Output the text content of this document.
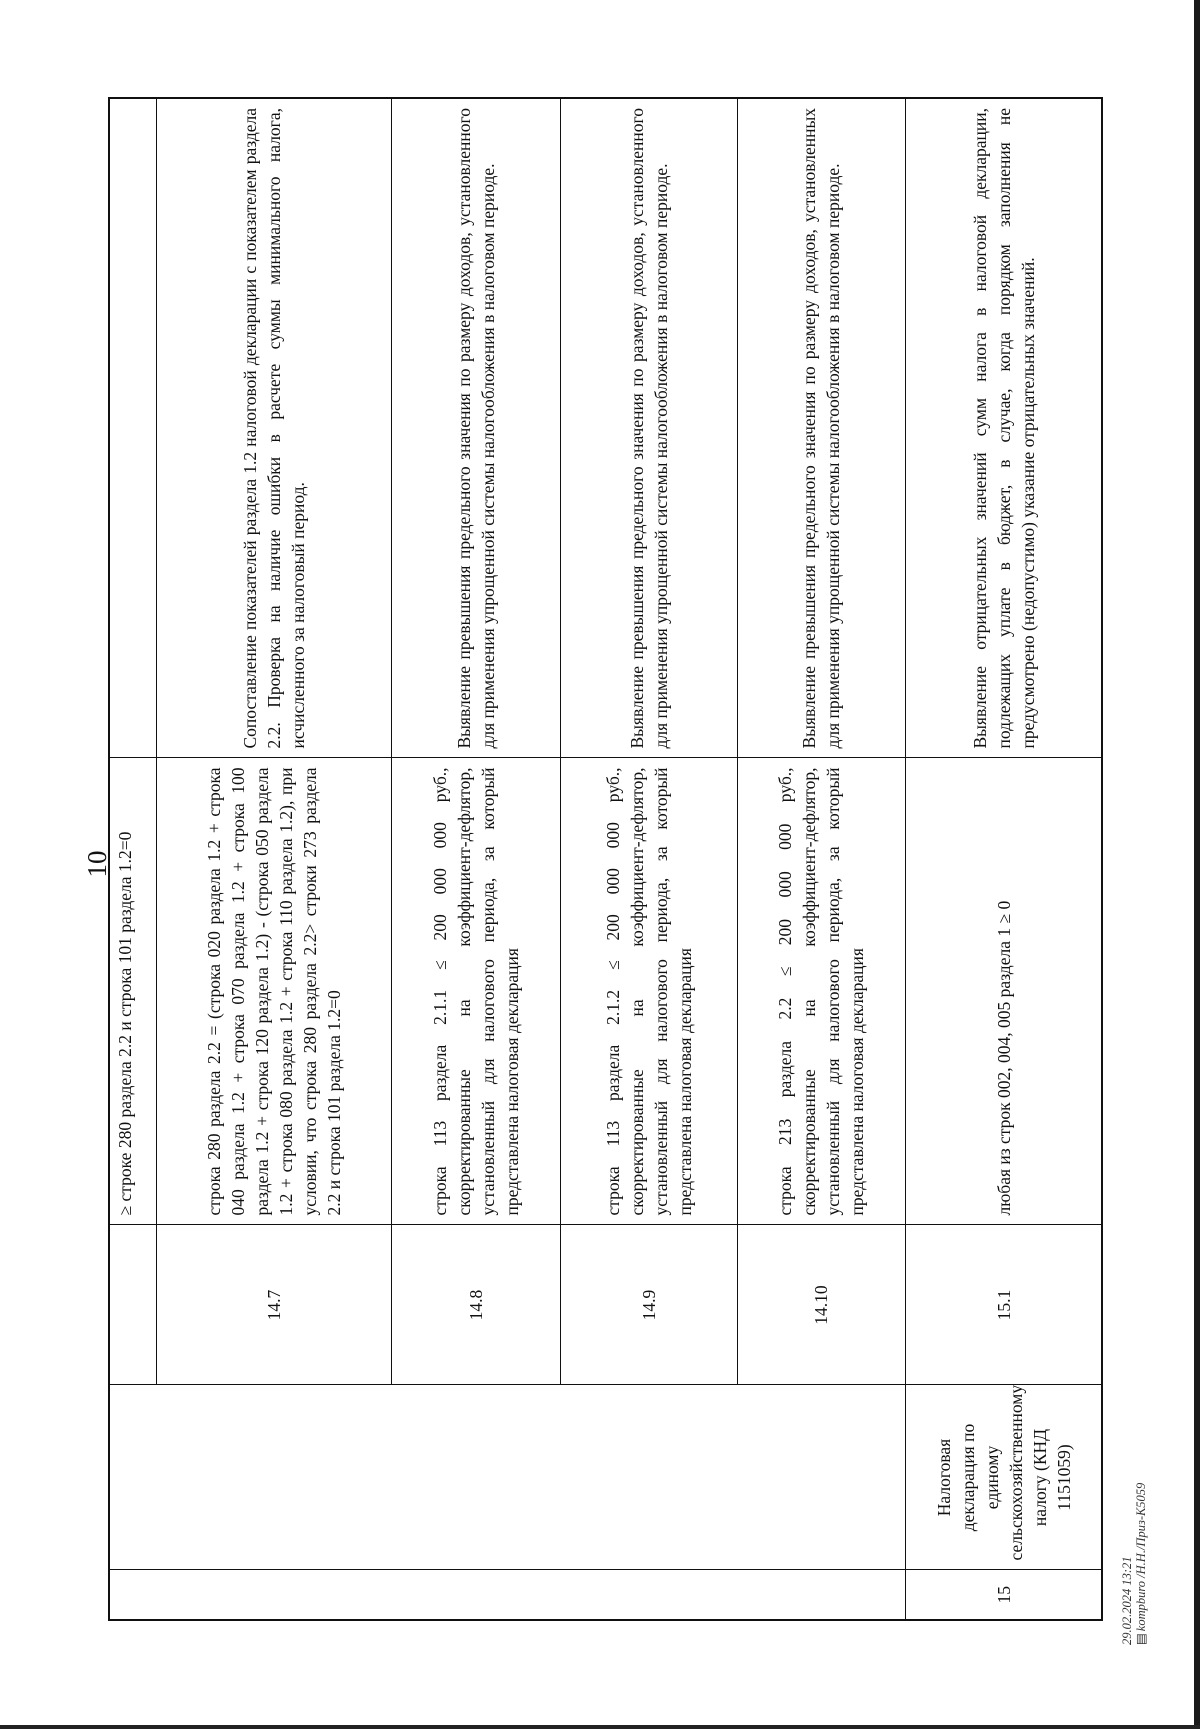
10
			≥ строке 280 раздела 2.2 и строка 101 раздела 1.2=0	
		14.7	строка 280 раздела 2.2 = (строка 020 раздела 1.2 + строка 040 раздела 1.2 + строка 070 раздела 1.2 + строка 100 раздела 1.2 + строка 120 раздела 1.2) - (строка 050 раздела 1.2 + строка 080 раздела 1.2 + строка 110 раздела 1.2), при условии, что строка 280 раздела 2.2> строки 273 раздела 2.2 и строка 101 раздела 1.2=0	Сопоставление показателей раздела 1.2 налоговой декларации с показателем раздела 2.2. Проверка на наличие ошибки в расчете суммы минимального налога, исчисленного за налоговый период.
		14.8	строка 113 раздела 2.1.1 ≤ 200 000 000 руб., скорректированные на коэффициент-дефлятор, установленный для налогового периода, за который представлена налоговая декларация	Выявление превышения предельного значения по размеру доходов, установленного для применения упрощенной системы налогообложения в налоговом периоде.
		14.9	строка 113 раздела 2.1.2 ≤ 200 000 000 руб., скорректированные на коэффициент-дефлятор, установленный для налогового периода, за который представлена налоговая декларация	Выявление превышения предельного значения по размеру доходов, установленного для применения упрощенной системы налогообложения в налоговом периоде.
		14.10	строка 213 раздела 2.2 ≤ 200 000 000 руб., скорректированные на коэффициент-дефлятор, установленный для налогового периода, за который представлена налоговая декларация	Выявление превышения предельного значения по размеру доходов, установленных для применения упрощенной системы налогообложения в налоговом периоде.
15	Налоговая декларация по единому сельскохозяйственному налогу (КНД 1151059)	15.1	любая из строк 002, 004, 005 раздела 1 ≥ 0	Выявление отрицательных значений сумм налога в налоговой декларации, подлежащих уплате в бюджет, в случае, когда порядком заполнения не предусмотрено (недопустимо) указание отрицательных значений.
29.02.2024 13:21 ▤kompburo /Н.Н./Приз-К5059
